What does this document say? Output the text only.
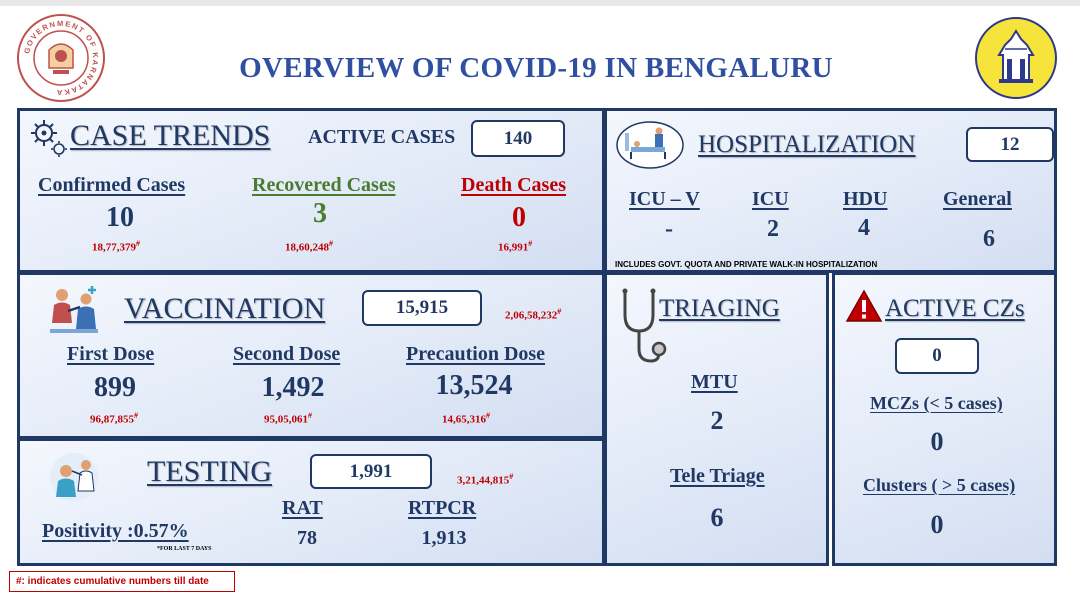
GOVERNMENT OF KARNATAKA
OVERVIEW OF COVID-19 IN BENGALURU
CASE TRENDS ACTIVE CASES	140
Confirmed Cases
10
18,77,379#
Recovered Cases
3
18,60,248#
Death Cases
0
16,991#
HOSPITALIZATION	12
ICU – V
-
ICU
2
HDU
4
General
6
INCLUDES GOVT. QUOTA AND PRIVATE WALK-IN HOSPITALIZATION
VACCINATION	15,915	2,06,58,232#
First Dose
899
96,87,855#
Second Dose
1,492
95,05,061#
Precaution Dose
13,524
14,65,316#
TESTING	1,991	3,21,44,815#
Positivity :0.57%
*FOR LAST 7 DAYS
RAT
78
RTPCR
1,913
TRIAGING
MTU
2
Tele Triage
6
ACTIVE CZs
0
MCZs (< 5 cases)
0
Clusters ( > 5 cases)
0
#: indicates cumulative numbers till date
